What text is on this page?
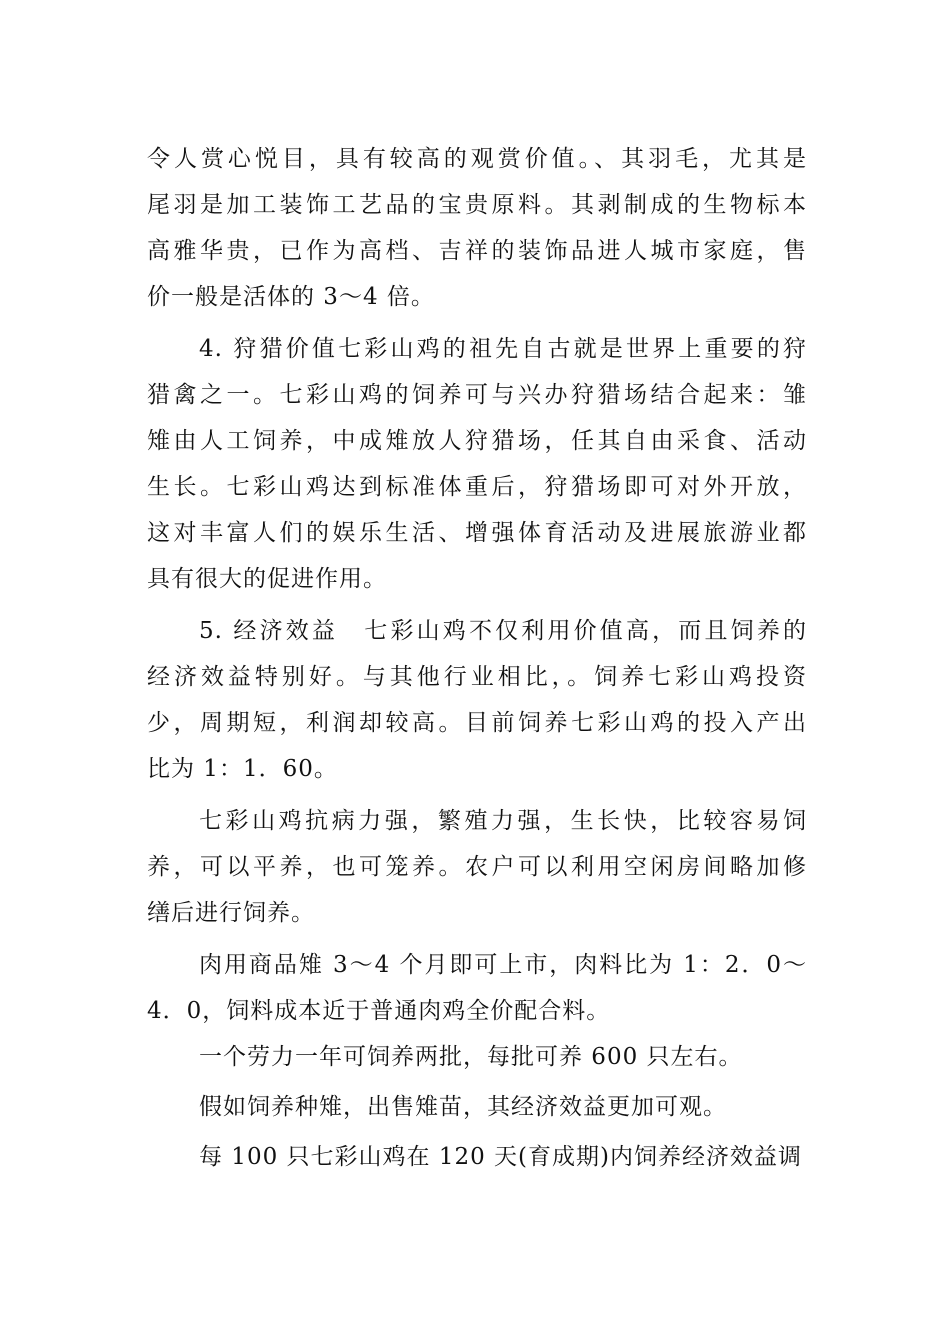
令人赏心悦目，具有较高的观赏价值。、其羽毛，尤其是
尾羽是加工装饰工艺品的宝贵原料。其剥制成的生物标本
高雅华贵，已作为高档、吉祥的装饰品进人城市家庭，售
价一般是活体的 3～4 倍。
4. 狩猎价值七彩山鸡的祖先自古就是世界上重要的狩
猎禽之一。七彩山鸡的饲养可与兴办狩猎场结合起来：雏
雉由人工饲养，中成雉放人狩猎场，任其自由采食、活动
生长。七彩山鸡达到标准体重后，狩猎场即可对外开放，
这对丰富人们的娱乐生活、增强体育活动及进展旅游业都
具有很大的促进作用。
5. 经济效益　七彩山鸡不仅利用价值高，而且饲养的
经济效益特别好。与其他行业相比，。饲养七彩山鸡投资
少，周期短，利润却较高。目前饲养七彩山鸡的投入产出
比为 1：1．60。
七彩山鸡抗病力强，繁殖力强，生长快，比较容易饲
养，可以平养，也可笼养。农户可以利用空闲房间略加修
缮后进行饲养。
肉用商品雉 3～4 个月即可上市，肉料比为 1：2．0～
4．0，饲料成本近于普通肉鸡全价配合料。
一个劳力一年可饲养两批，每批可养 600 只左右。
假如饲养种雉，出售雉苗，其经济效益更加可观。
每 100 只七彩山鸡在 120 天(育成期)内饲养经济效益调
